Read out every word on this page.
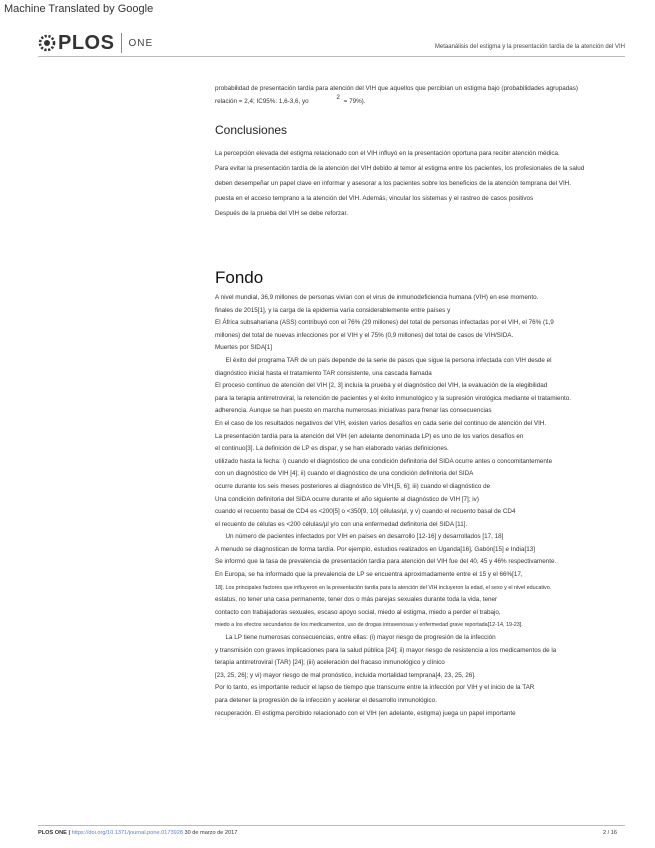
Machine Translated by Google
PLOS ONE	Metaanálisis del estigma y la presentación tardía de la atención del VIH
probabilidad de presentación tardía para atención del VIH que aquellos que percibían un estigma bajo (probabilidades agrupadas)
relación = 2,4; IC95%: 1,6-3,6, yo 2 = 79%).
Conclusiones
La percepción elevada del estigma relacionado con el VIH influyó en la presentación oportuna para recibir atención médica.
Para evitar la presentación tardía de la atención del VIH debido al temor al estigma entre los pacientes, los profesionales de la salud
deben desempeñar un papel clave en informar y asesorar a los pacientes sobre los beneficios de la atención temprana del VIH.
puesta en el acceso temprano a la atención del VIH. Además, vincular los sistemas y el rastreo de casos positivos
Después de la prueba del VIH se debe reforzar.
Fondo
A nivel mundial, 36,9 millones de personas vivían con el virus de inmunodeficiencia humana (VIH) en ese momento.
finales de 2015[1], y la carga de la epidemia varía considerablemente entre países y
El África subsahariana (ASS) contribuyó con el 76% (29 millones) del total de personas infectadas por el VIH, el 76% (1,9
millones) del total de nuevas infecciones por el VIH y el 75% (0,9 millones) del total de casos de VIH/SIDA.
Muertes por SIDA[1]
El éxito del programa TAR de un país depende de la serie de pasos que sigue la persona infectada con VIH desde el
diagnóstico inicial hasta el tratamiento TAR consistente, una cascada llamada
El proceso continuo de atención del VIH [2, 3] incluía la prueba y el diagnóstico del VIH, la evaluación de la elegibilidad
para la terapia antirretroviral, la retención de pacientes y el éxito inmunológico y la supresión virológica mediante el tratamiento.
adherencia. Aunque se han puesto en marcha numerosas iniciativas para frenar las consecuencias
En el caso de los resultados negativos del VIH, existen varios desafíos en cada serie del continuo de atención del VIH.
La presentación tardía para la atención del VIH (en adelante denominada LP) es uno de los varios desafíos en
el continuo[3]. La definición de LP es dispar, y se han elaborado varias definiciones.
utilizado hasta la fecha: i) cuando el diagnóstico de una condición definitoria del SIDA ocurre antes o concomitantemente
con un diagnóstico de VIH [4]; ii) cuando el diagnóstico de una condición definitoria del SIDA
ocurre durante los seis meses posteriores al diagnóstico de VIH,[5, 6]; iii) cuando el diagnóstico de
Una condición definitoria del SIDA ocurre durante el año siguiente al diagnóstico de VIH [7]; iv)
cuando el recuento basal de CD4 es <200[5] o <350[9, 10] células/µl, y v) cuando el recuento basal de CD4
el recuento de células es <200 células/µl y/o con una enfermedad definitoria del SIDA [11].
Un número de pacientes infectados por VIH en países en desarrollo [12-16] y desarrollados [17, 18]
A menudo se diagnostican de forma tardía. Por ejemplo, estudios realizados en Uganda[16], Gabón[15] e India[13]
Se informó que la tasa de prevalencia de presentación tardía para atención del VIH fue del 40, 45 y 46% respectivamente.
En Europa, se ha informado que la prevalencia de LP se encuentra aproximadamente entre el 15 y el 66%[17,
18]. Los principales factores que influyeron en la presentación tardía para la atención del VIH incluyeron la edad, el sexo y el nivel educativo.
estatus, no tener una casa permanente, tener dos o más parejas sexuales durante toda la vida, tener
contacto con trabajadoras sexuales, escaso apoyo social, miedo al estigma, miedo a perder el trabajo,
miedo a los efectos secundarios de los medicamentos, uso de drogas intravenosas y enfermedad grave reportada[12-14, 19-23].
La LP tiene numerosas consecuencias, entre ellas: (i) mayor riesgo de progresión de la infección
y transmisión con graves implicaciones para la salud pública [24]; ii) mayor riesgo de resistencia a los medicamentos de la
terapia antirretroviral (TAR) [24]; (iii) aceleración del fracaso inmunológico y clínico
[23, 25, 26]; y vi) mayor riesgo de mal pronóstico, incluida mortalidad temprana[4, 23, 25, 26].
Por lo tanto, es importante reducir el lapso de tiempo que transcurre entre la infección por VIH y el inicio de la TAR
para detener la progresión de la infección y acelerar el desarrollo inmunológico.
recuperación. El estigma percibido relacionado con el VIH (en adelante, estigma) juega un papel importante
PLOS ONE | https://doi.org/10.1371/journal.pone.0173928 30 de marzo de 2017	2 / 16
